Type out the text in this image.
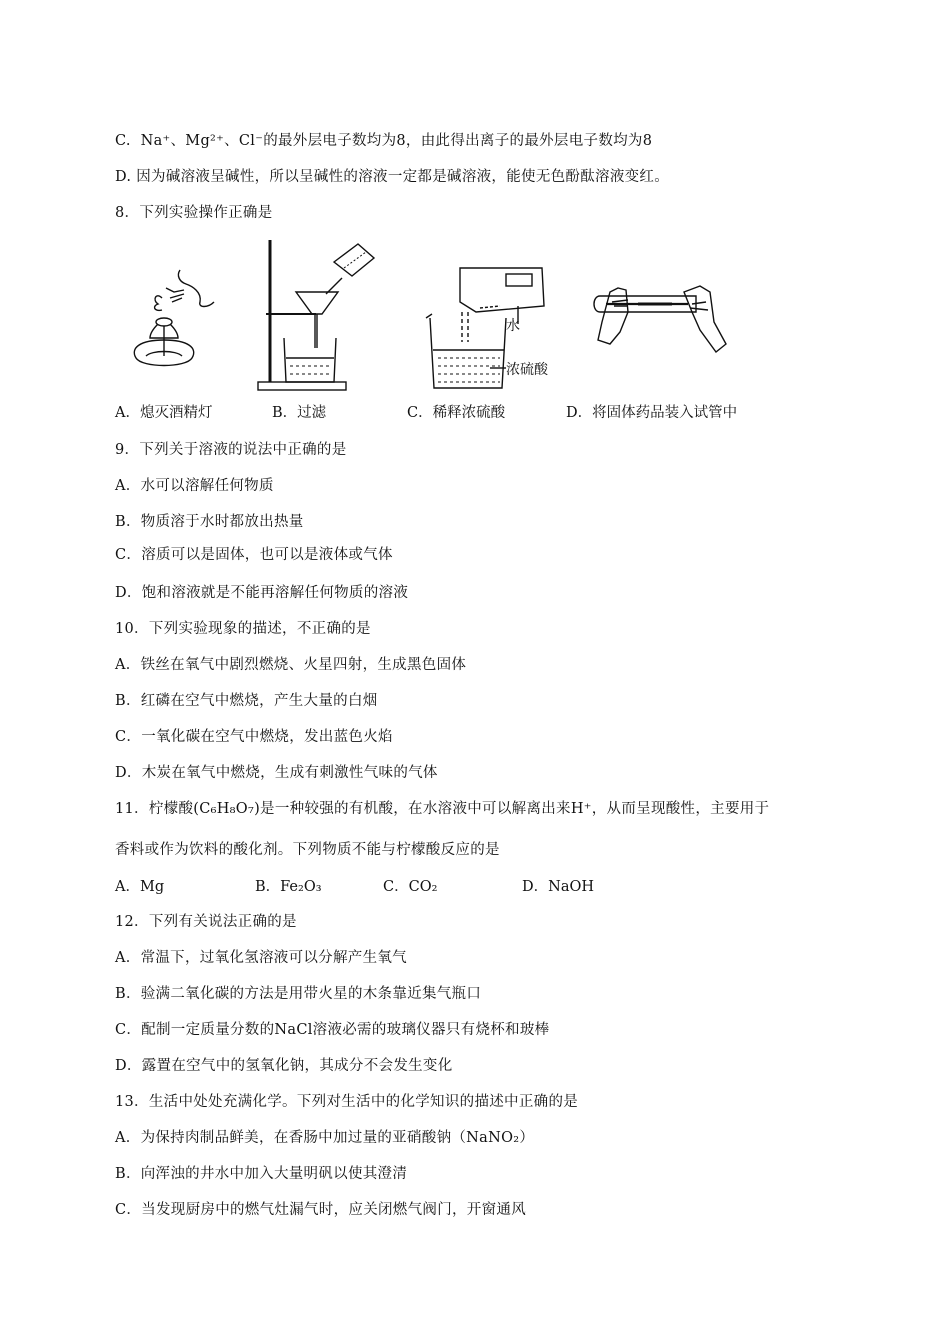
C. Na⁺、Mg²⁺、Cl⁻的最外层电子数均为8，由此得出离子的最外层电子数均为8
D. 因为碱溶液呈碱性，所以呈碱性的溶液一定都是碱溶液，能使无色酚酞溶液变红。
8．下列实验操作正确是
水
浓硫酸
A．熄灭酒精灯	B．过滤	C．稀释浓硫酸	D．将固体药品装入试管中
9．下列关于溶液的说法中正确的是
A．水可以溶解任何物质
B．物质溶于水时都放出热量
C．溶质可以是固体，也可以是液体或气体
D．饱和溶液就是不能再溶解任何物质的溶液
10．下列实验现象的描述，不正确的是
A．铁丝在氧气中剧烈燃烧、火星四射，生成黑色固体
B．红磷在空气中燃烧，产生大量的白烟
C．一氧化碳在空气中燃烧，发出蓝色火焰
D．木炭在氧气中燃烧，生成有刺激性气味的气体
11．柠檬酸(C₆H₈O₇)是一种较强的有机酸，在水溶液中可以解离出来H⁺，从而呈现酸性，主要用于
香料或作为饮料的酸化剂。下列物质不能与柠檬酸反应的是
A．Mg	B．Fe₂O₃	C．CO₂	D．NaOH
12．下列有关说法正确的是
A．常温下，过氧化氢溶液可以分解产生氧气
B．验满二氧化碳的方法是用带火星的木条靠近集气瓶口
C．配制一定质量分数的NaCl溶液必需的玻璃仪器只有烧杯和玻棒
D．露置在空气中的氢氧化钠，其成分不会发生变化
13．生活中处处充满化学。下列对生活中的化学知识的描述中正确的是
A．为保持肉制品鲜美，在香肠中加过量的亚硝酸钠（NaNO₂）
B．向浑浊的井水中加入大量明矾以使其澄清
C．当发现厨房中的燃气灶漏气时，应关闭燃气阀门，开窗通风
